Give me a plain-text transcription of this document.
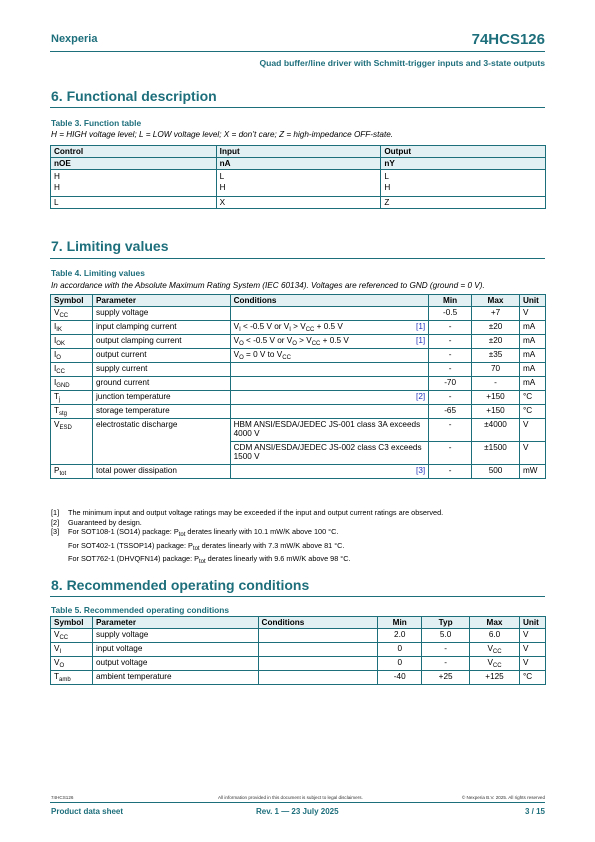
Nexperia	74HCS126
Quad buffer/line driver with Schmitt-trigger inputs and 3-state outputs
6. Functional description
Table 3. Function table
H = HIGH voltage level; L = LOW voltage level; X = don’t care; Z = high-impedance OFF-state.
Control	Input	Output
nOE	nA	nY
H	L	L
H	H	H
L	X	Z
7. Limiting values
Table 4. Limiting values
In accordance with the Absolute Maximum Rating System (IEC 60134). Voltages are referenced to GND (ground = 0 V).
Symbol	Parameter	Conditions	Min	Max	Unit
$V_{CC}$	supply voltage		-0.5	+7	V
$I_{IK}$	input clamping current	$V_I < -0.5$ V or $V_I > V_{CC} + 0.5$ V [1]	-	±20	mA
$I_{OK}$	output clamping current	$V_O < -0.5$ V or $V_O > V_{CC} + 0.5$ V [1]	-	±20	mA
$I_O$	output current	$V_O = 0$ V to $V_{CC}$	-	±35	mA
$I_{CC}$	supply current		-	70	mA
$I_{GND}$	ground current		-70	-	mA
$T_j$	junction temperature	[2]	-	+150	°C
$T_{stg}$	storage temperature		-65	+150	°C
$V_{ESD}$	electrostatic discharge	HBM ANSI/ESDA/JEDEC JS-001 class 3A exceeds 4000 V	-	±4000	V
		CDM ANSI/ESDA/JEDEC JS-002 class C3 exceeds 1500 V	-	±1500	V
$P_{tot}$	total power dissipation	[3]	-	500	mW
[1] The minimum input and output voltage ratings may be exceeded if the input and output current ratings are observed.
[2] Guaranteed by design.
[3] For SOT108-1 (SO14) package: $P_{tot}$ derates linearly with 10.1 mW/K above 100 °C.
For SOT402-1 (TSSOP14) package: $P_{tot}$ derates linearly with 7.3 mW/K above 81 °C.
For SOT762-1 (DHVQFN14) package: $P_{tot}$ derates linearly with 9.6 mW/K above 98 °C.
8. Recommended operating conditions
Table 5. Recommended operating conditions
Symbol	Parameter	Conditions	Min	Typ	Max	Unit
$V_{CC}$	supply voltage		2.0	5.0	6.0	V
$V_I$	input voltage		0	-	$V_{CC}$	V
$V_O$	output voltage		0	-	$V_{CC}$	V
$T_{amb}$	ambient temperature		-40	+25	+125	°C
74HCS126	All information provided in this document is subject to legal disclaimers.	© Nexperia B.V. 2025. All rights reserved
Product data sheet	Rev. 1 — 23 July 2025	3 / 15
